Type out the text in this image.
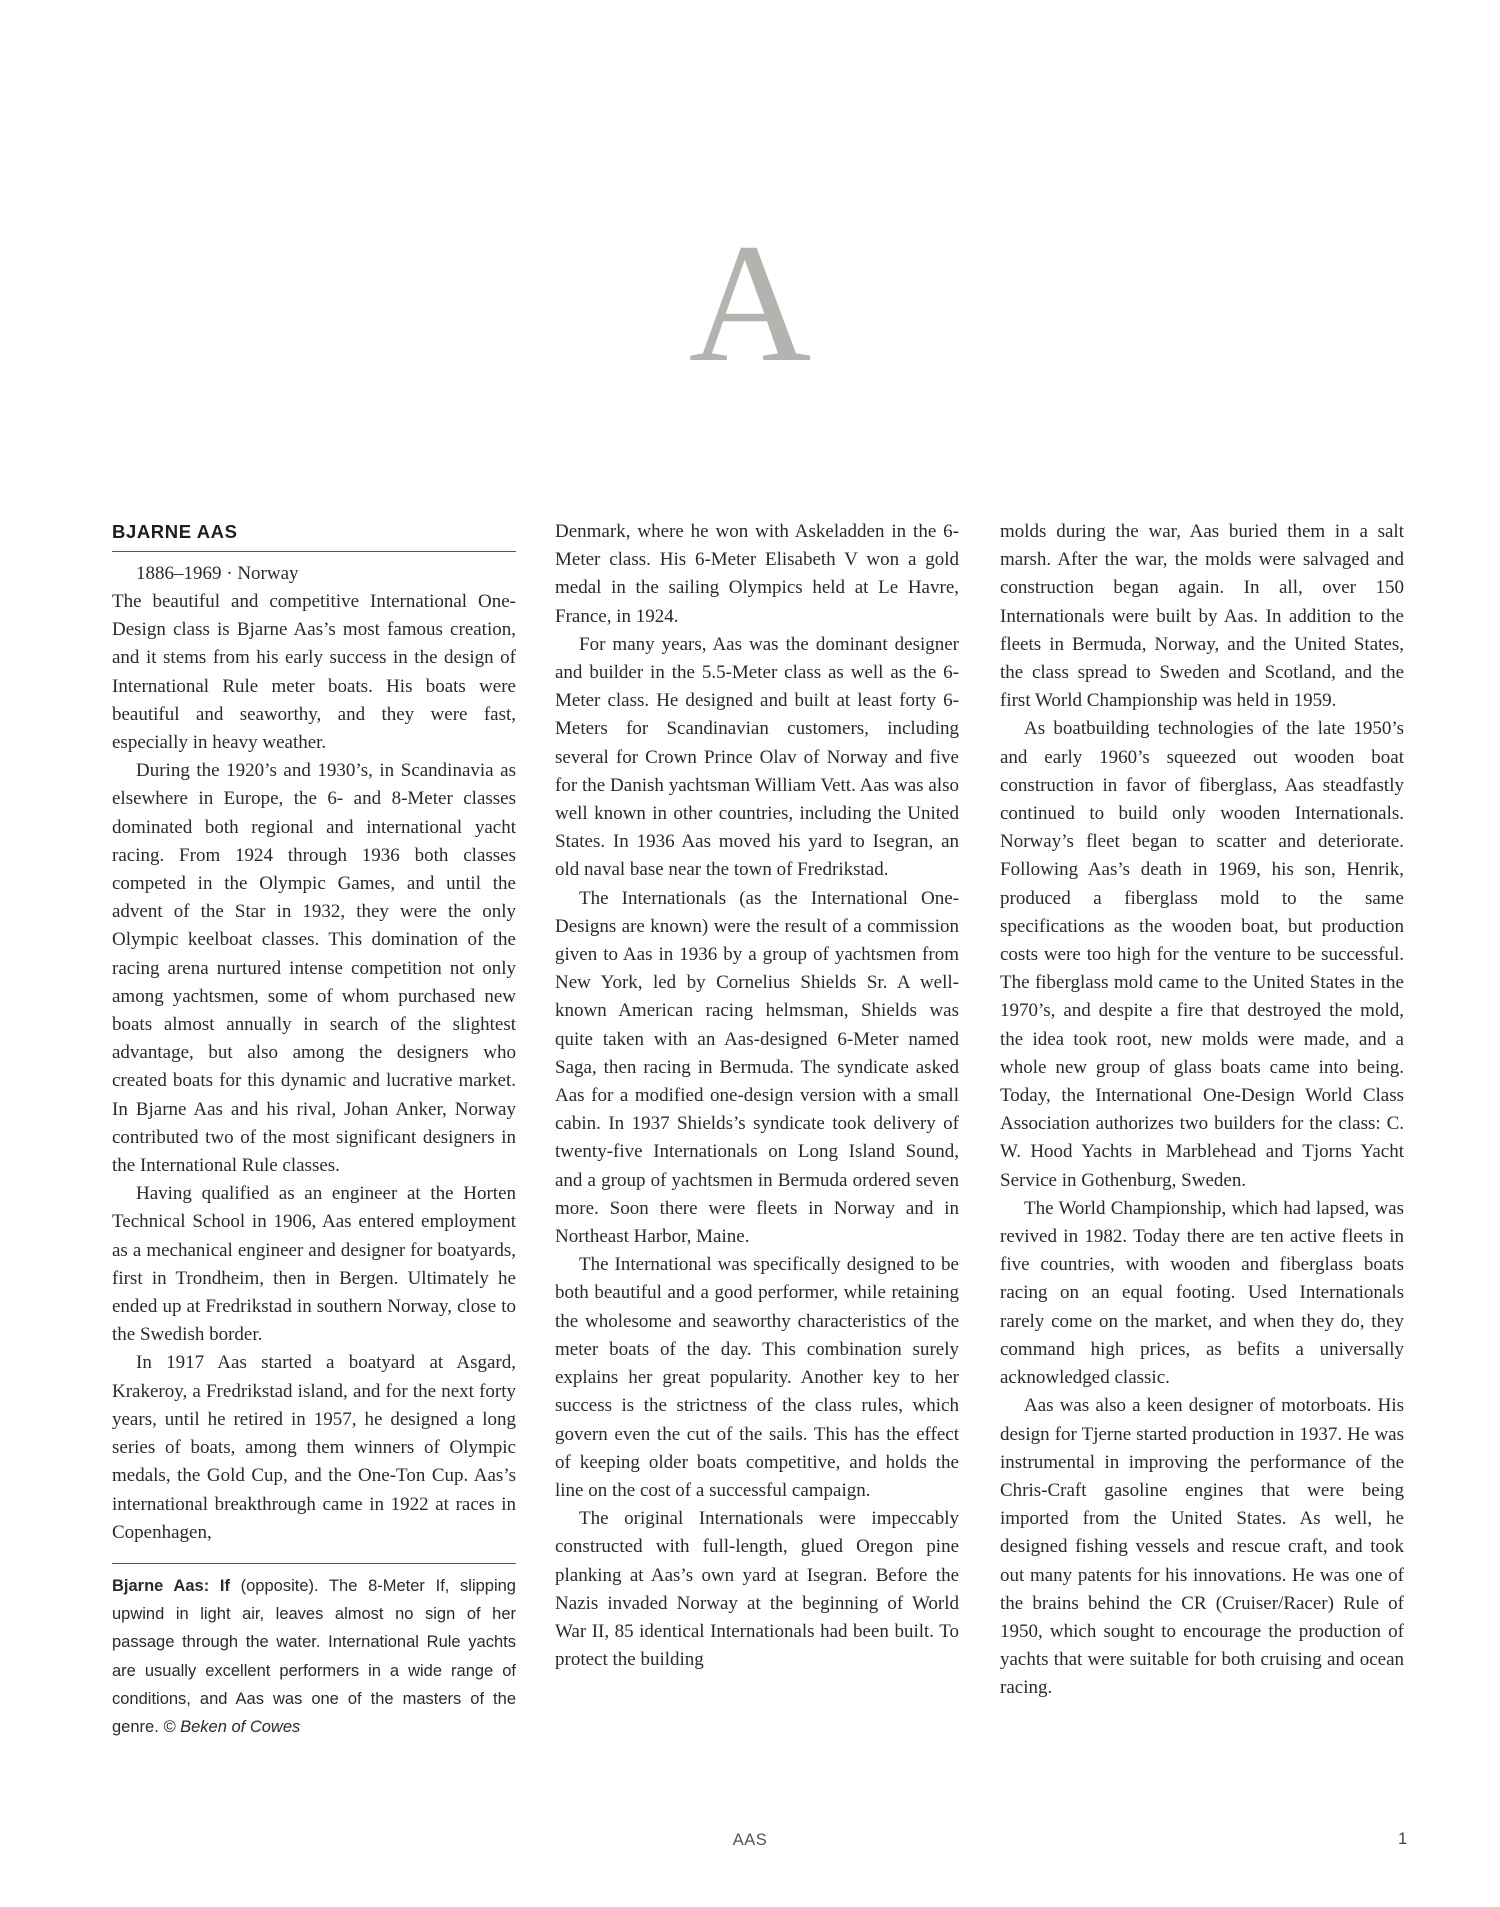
A
BJARNE AAS

1886–1969 · Norway

The beautiful and competitive International One-Design class is Bjarne Aas’s most famous creation, and it stems from his early success in the design of International Rule meter boats. His boats were beautiful and seaworthy, and they were fast, especially in heavy weather.

During the 1920’s and 1930’s, in Scandinavia as elsewhere in Europe, the 6- and 8-Meter classes dominated both regional and international yacht racing. From 1924 through 1936 both classes competed in the Olympic Games, and until the advent of the Star in 1932, they were the only Olympic keelboat classes. This domination of the racing arena nurtured intense competition not only among yachtsmen, some of whom purchased new boats almost annually in search of the slightest advantage, but also among the designers who created boats for this dynamic and lucrative market. In Bjarne Aas and his rival, Johan Anker, Norway contributed two of the most significant designers in the International Rule classes.

Having qualified as an engineer at the Horten Technical School in 1906, Aas entered employment as a mechanical engineer and designer for boatyards, first in Trondheim, then in Bergen. Ultimately he ended up at Fredrikstad in southern Norway, close to the Swedish border.

In 1917 Aas started a boatyard at Asgard, Krakeroy, a Fredrikstad island, and for the next forty years, until he retired in 1957, he designed a long series of boats, among them winners of Olympic medals, the Gold Cup, and the One-Ton Cup. Aas’s international breakthrough came in 1922 at races in Copenhagen,

Bjarne Aas: If (opposite). The 8-Meter If, slipping upwind in light air, leaves almost no sign of her passage through the water. International Rule yachts are usually excellent performers in a wide range of conditions, and Aas was one of the masters of the genre. © Beken of Cowes

Denmark, where he won with Askeladden in the 6-Meter class. His 6-Meter Elisabeth V won a gold medal in the sailing Olympics held at Le Havre, France, in 1924.

For many years, Aas was the dominant designer and builder in the 5.5-Meter class as well as the 6-Meter class. He designed and built at least forty 6-Meters for Scandinavian customers, including several for Crown Prince Olav of Norway and five for the Danish yachtsman William Vett. Aas was also well known in other countries, including the United States. In 1936 Aas moved his yard to Isegran, an old naval base near the town of Fredrikstad.

The Internationals (as the International One-Designs are known) were the result of a commission given to Aas in 1936 by a group of yachtsmen from New York, led by Cornelius Shields Sr. A well-known American racing helmsman, Shields was quite taken with an Aas-designed 6-Meter named Saga, then racing in Bermuda. The syndicate asked Aas for a modified one-design version with a small cabin. In 1937 Shields’s syndicate took delivery of twenty-five Internationals on Long Island Sound, and a group of yachtsmen in Bermuda ordered seven more. Soon there were fleets in Norway and in Northeast Harbor, Maine.

The International was specifically designed to be both beautiful and a good performer, while retaining the wholesome and seaworthy characteristics of the meter boats of the day. This combination surely explains her great popularity. Another key to her success is the strictness of the class rules, which govern even the cut of the sails. This has the effect of keeping older boats competitive, and holds the line on the cost of a successful campaign.

The original Internationals were impeccably constructed with full-length, glued Oregon pine planking at Aas’s own yard at Isegran. Before the Nazis invaded Norway at the beginning of World War II, 85 identical Internationals had been built. To protect the building

molds during the war, Aas buried them in a salt marsh. After the war, the molds were salvaged and construction began again. In all, over 150 Internationals were built by Aas. In addition to the fleets in Bermuda, Norway, and the United States, the class spread to Sweden and Scotland, and the first World Championship was held in 1959.

As boatbuilding technologies of the late 1950’s and early 1960’s squeezed out wooden boat construction in favor of fiberglass, Aas steadfastly continued to build only wooden Internationals. Norway’s fleet began to scatter and deteriorate. Following Aas’s death in 1969, his son, Henrik, produced a fiberglass mold to the same specifications as the wooden boat, but production costs were too high for the venture to be successful. The fiberglass mold came to the United States in the 1970’s, and despite a fire that destroyed the mold, the idea took root, new molds were made, and a whole new group of glass boats came into being. Today, the International One-Design World Class Association authorizes two builders for the class: C. W. Hood Yachts in Marblehead and Tjorns Yacht Service in Gothenburg, Sweden.

The World Championship, which had lapsed, was revived in 1982. Today there are ten active fleets in five countries, with wooden and fiberglass boats racing on an equal footing. Used Internationals rarely come on the market, and when they do, they command high prices, as befits a universally acknowledged classic.

Aas was also a keen designer of motorboats. His design for Tjerne started production in 1937. He was instrumental in improving the performance of the Chris-Craft gasoline engines that were being imported from the United States. As well, he designed fishing vessels and rescue craft, and took out many patents for his innovations. He was one of the brains behind the CR (Cruiser/Racer) Rule of 1950, which sought to encourage the production of yachts that were suitable for both cruising and ocean racing.

AAS	1
